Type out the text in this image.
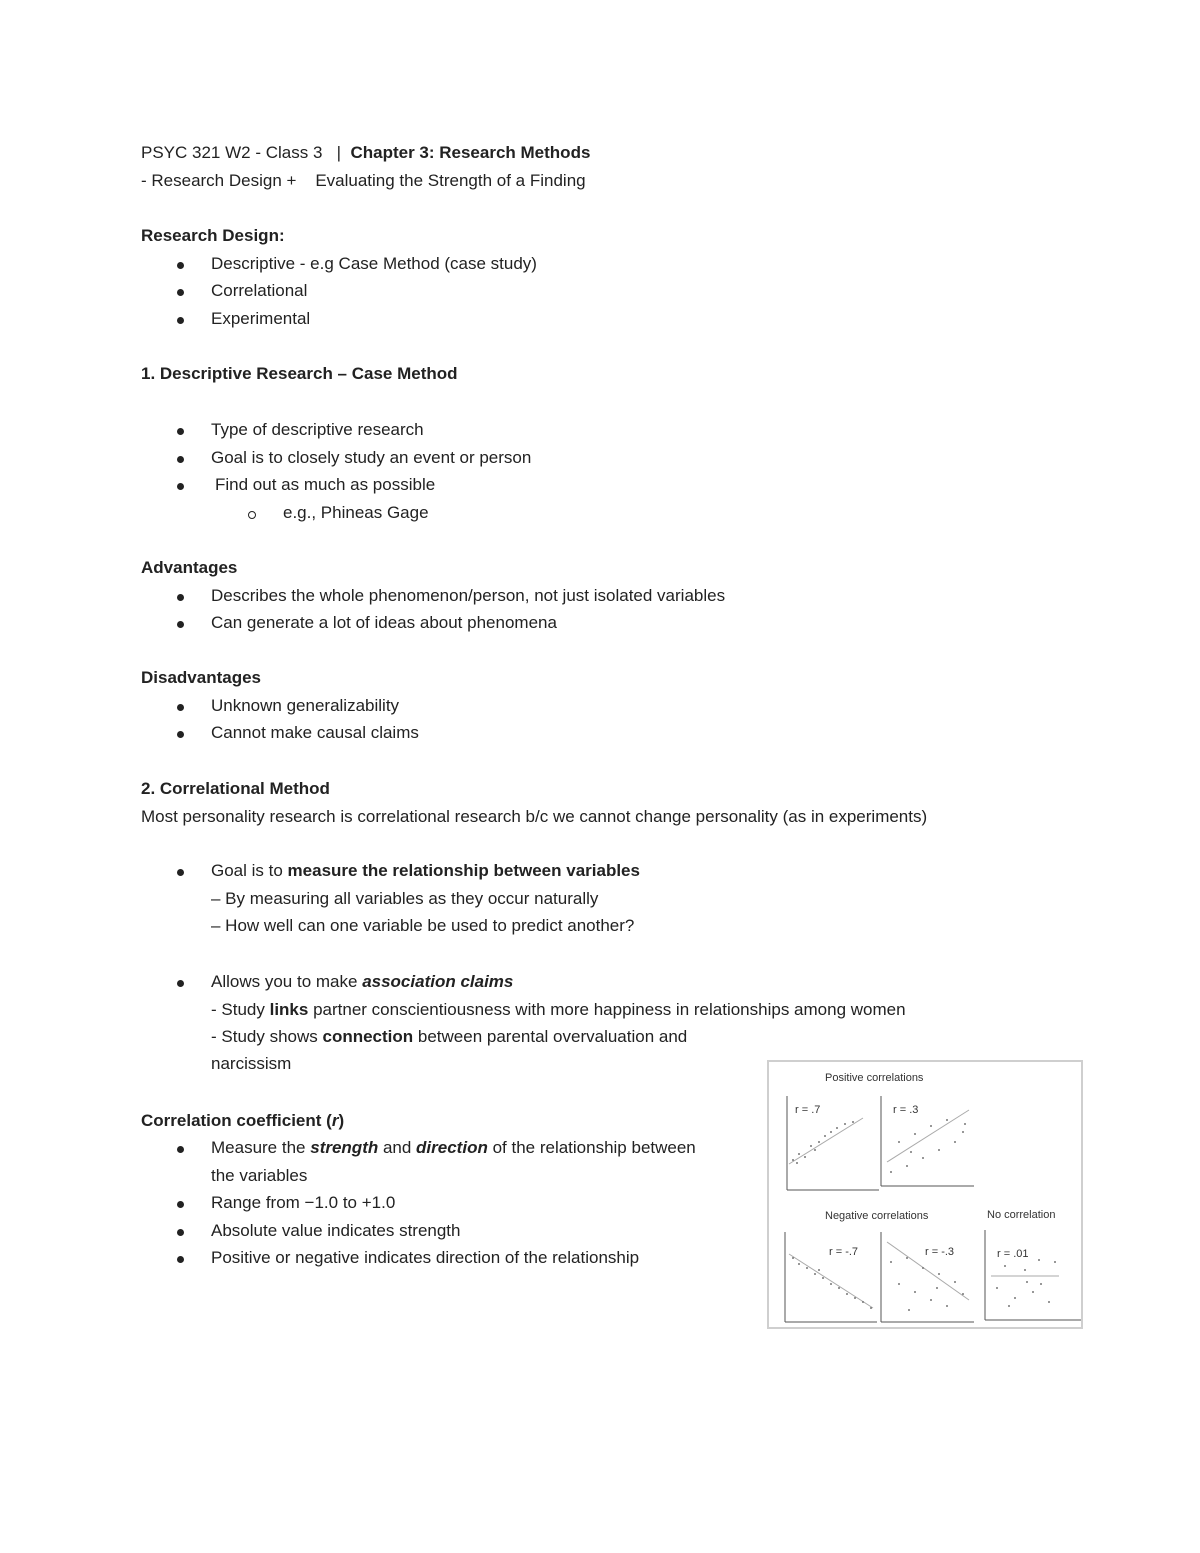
PSYC 321 W2 - Class 3 | Chapter 3: Research Methods
- Research Design +    Evaluating the Strength of a Finding
Research Design:
Descriptive - e.g Case Method (case study)
Correlational
Experimental
1. Descriptive Research – Case Method
Type of descriptive research
Goal is to closely study an event or person
Find out as much as possible
e.g., Phineas Gage
Advantages
Describes the whole phenomenon/person, not just isolated variables
Can generate a lot of ideas about phenomena
Disadvantages
Unknown generalizability
Cannot make causal claims
2. Correlational Method
Most personality research is correlational research b/c we cannot change personality (as in experiments)
Goal is to measure the relationship between variables
– By measuring all variables as they occur naturally
– How well can one variable be used to predict another?
Allows you to make association claims
- Study links partner conscientiousness with more happiness in relationships among women
- Study shows connection between parental overvaluation and
narcissism
Correlation coefficient (r)
Measure the strength and direction of the relationship between
the variables
Range from −1.0 to +1.0
Absolute value indicates strength
Positive or negative indicates direction of the relationship
Positive correlations
Negative correlations	No correlation
r = .7	r = .3
r = -.7	r = -.3	r = .01
